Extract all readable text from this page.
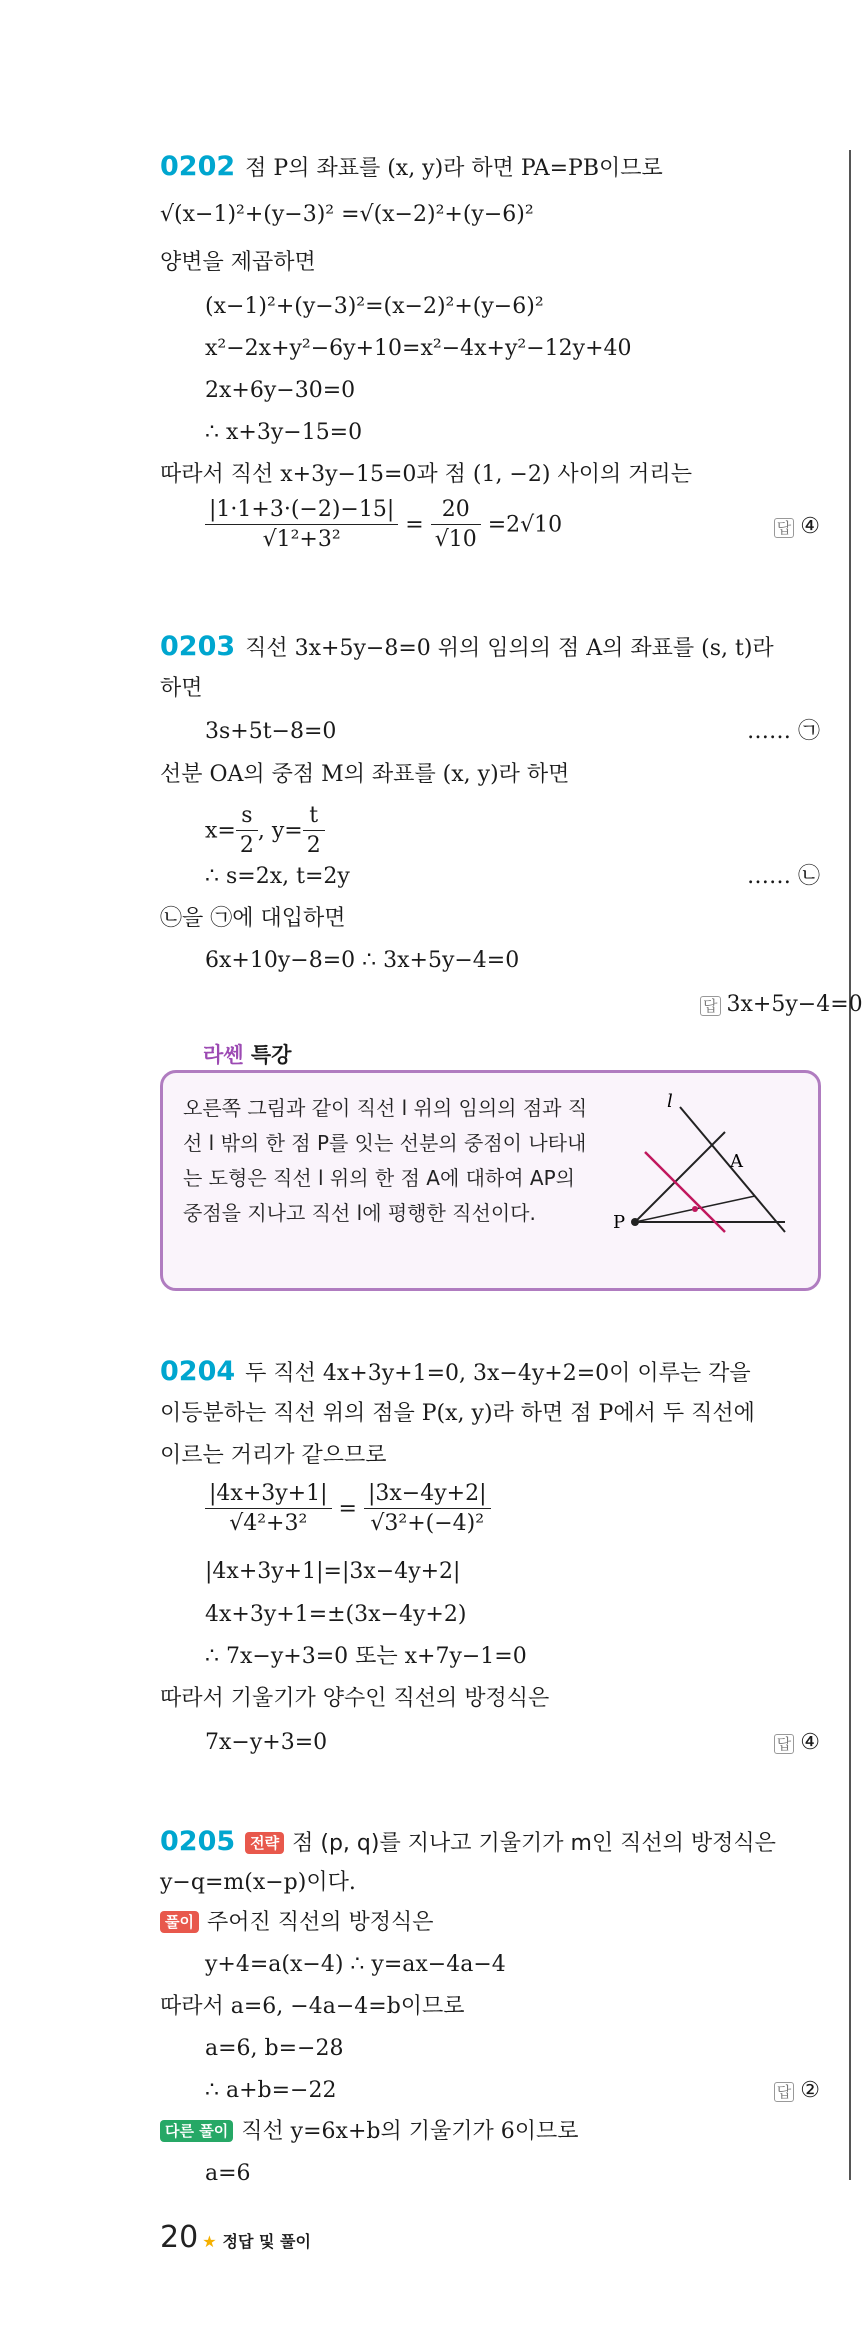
0202 점 P의 좌표를 (x, y)라 하면 PA=PB이므로
√(x−1)²+(y−3)² =√(x−2)²+(y−6)²
양변을 제곱하면
(x−1)²+(y−3)²=(x−2)²+(y−6)²
x²−2x+y²−6y+10=x²−4x+y²−12y+40
2x+6y−30=0
∴ x+3y−15=0
따라서 직선 x+3y−15=0과 점 (1, −2) 사이의 거리는
$\frac{|1\cdot 1+3\cdot(-2)-15|}{\text{√1²+3²}} = \frac{20}{√10} =2√10$	답 ④
0203 직선 3x+5y−8=0 위의 임의의 점 A의 좌표를 (s, t)라
하면
3s+5t−8=0	…… ㉠
선분 OA의 중점 M의 좌표를 (x, y)라 하면
$x= \frac{s}{2}$ , $y= \frac{t}{2}$
∴ s=2x, t=2y	…… ㉡
㉡을 ㉠에 대입하면
6x+10y−8=0 ∴ 3x+5y−4=0
답 3x+5y−4=0
라쎈 특강
오른쪽 그림과 같이 직선 l 위의 임의의 점과 직선 l 밖의 한 점 P를 잇는 선분의 중점이 나타내는 도형은 직선 l 위의 한 점 A에 대하여 AP의 중점을 지나고 직선 l에 평행한 직선이다.
l
A
P
0204 두 직선 4x+3y+1=0, 3x−4y+2=0이 이루는 각을
이등분하는 직선 위의 점을 P(x, y)라 하면 점 P에서 두 직선에
이르는 거리가 같으므로
$\frac{|4x+3y+1|}{\text{√4²+3²}} = \frac{|3x-4y+2|}{\text{√3²+(−4)²}}$
|4x+3y+1|=|3x−4y+2|
4x+3y+1=±(3x−4y+2)
∴ 7x−y+3=0 또는 x+7y−1=0
따라서 기울기가 양수인 직선의 방정식은
7x−y+3=0	답 ④
0205 전략 점 (p, q)를 지나고 기울기가 m인 직선의 방정식은
y−q=m(x−p)이다.
풀이 주어진 직선의 방정식은
y+4=a(x−4) ∴ y=ax−4a−4
따라서 a=6, −4a−4=b이므로
a=6, b=−28
∴ a+b=−22	답 ②
다른 풀이 직선 y=6x+b의 기울기가 6이므로
a=6
20 ★ 정답 및 풀이
